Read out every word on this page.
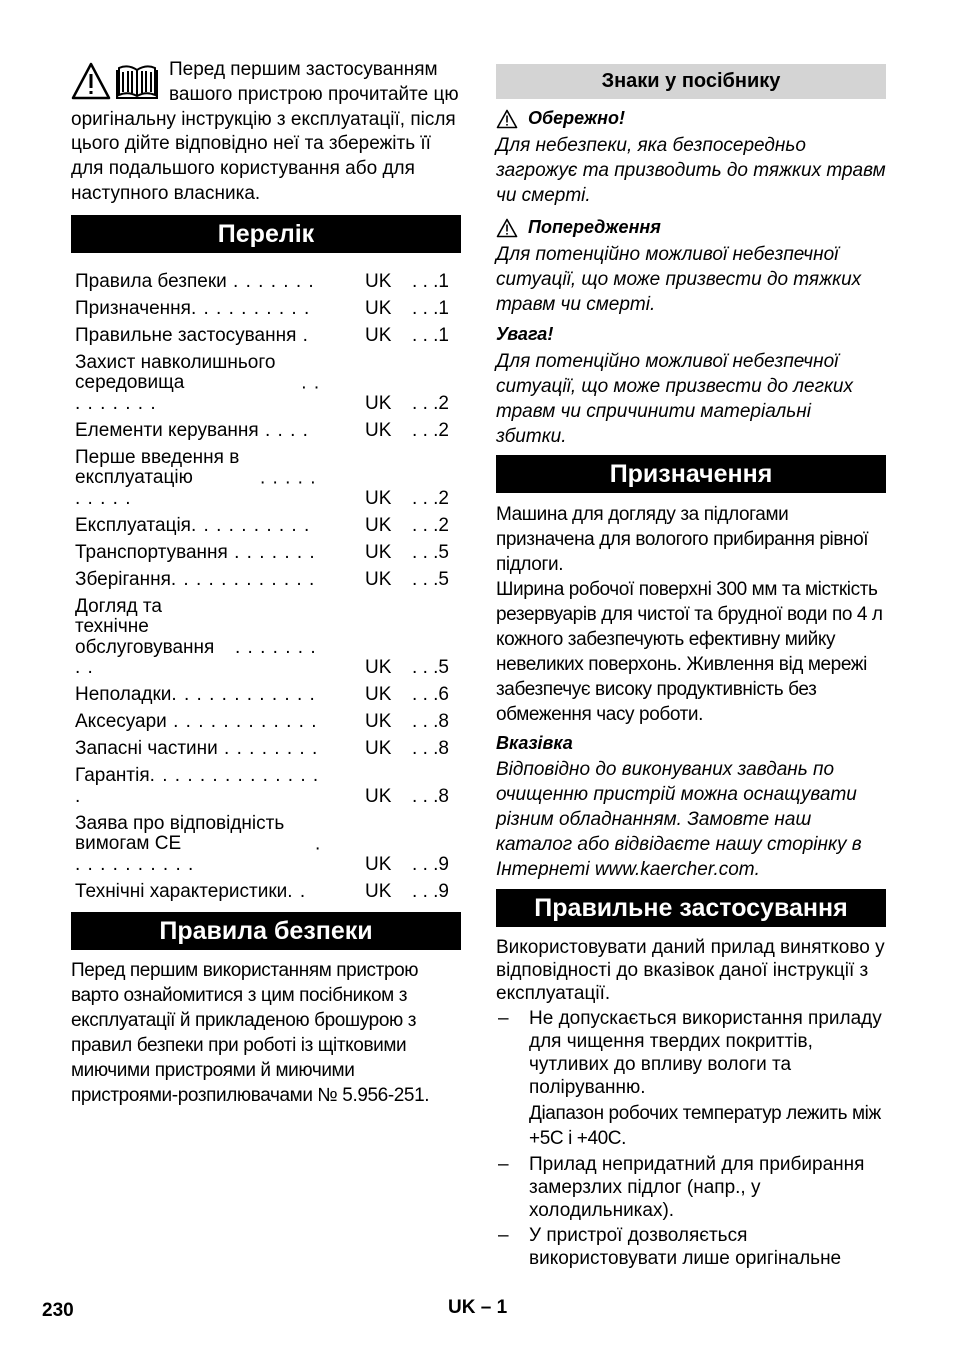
Перед першим застосуванням вашого пристрою прочитайте цю оригінальну інструкцію з експлуатації, після цього дійте відповідно неї та збережіть її для подальшого користування або для наступного власника.
Перелік
Правила безпеки . . . . . . .	UK	. . .1
Призначення. . . . . . . . . .	UK	. . .1
Правильне застосування .	UK	. . .1
Захист навколишнього середовища	. . . . . . . . .	UK	. . .2
Елементи керування . . . .	UK	. . .2
Перше введення в експлуатацію	. . . . . . . . . .	UK	. . .2
Експлуатація. . . . . . . . . .	UK	. . .2
Транспортування . . . . . . .	UK	. . .5
Зберігання. . . . . . . . . . . .	UK	. . .5
Догляд та технічне обслуговування . . . . . . . . .	UK	. . .5
Неполадки. . . . . . . . . . . .	UK	. . .6
Аксесуари . . . . . . . . . . . .	UK	. . .8
Запасні частини . . . . . . . .	UK	. . .8
Гарантія. . . . . . . . . . . . . . .	UK	. . .8
Заява про відповідність вимогам CE	. . . . . . . . . . .	UK	. . .9
Технічні характеристики. .	UK	. . .9
Правила безпеки
Перед першим використанням пристрою варто ознайомитися з цим посібником з експлуатації й прикладеною брошурою з правил безпеки при роботі із щітковими миючими пристроями й миючими пристроями-розпилювачами № 5.956-251.
Знаки у посібнику
Обережно!
Для небезпеки, яка безпосередньо загрожує та призводить до тяжких травм чи смерті.
Попередження
Для потенційно можливої небезпечної ситуації, що може призвести до тяжких травм чи смерті.
Увага!
Для потенційно можливої небезпечної ситуації, що може призвести до легких травм чи спричинити матеріальні збитки.
Призначення
Машина для догляду за підлогами призначена для вологого прибирання рівної підлоги.
Ширина робочої поверхні 300 мм та місткість резервуарів для чистої та брудної води по 4 л кожного забезпечують ефективну мийку невеликих поверхонь. Живлення від мережі забезпечує високу продуктивність без обмеження часу роботи.
Вказівка
Відповідно до виконуваних завдань по очищенню пристрій можна оснащувати різним обладнанням. Замовте наш каталог або відвідаєте нашу сторінку в Інтернеті www.kaercher.com.
Правильне застосування
Використовувати даний прилад винятково у відповідності до вказівок даної інструкції з експлуатації.
– Не допускається використання приладу для чищення твердих покриттів, чутливих до впливу вологи та поліруванню.
Діапазон робочих температур лежить між +5С і +40С.
– Прилад непридатний для прибирання замерзлих підлог (напр., у холодильниках).
– У пристрої дозволяється використовувати лише оригінальне
230	UK – 1
